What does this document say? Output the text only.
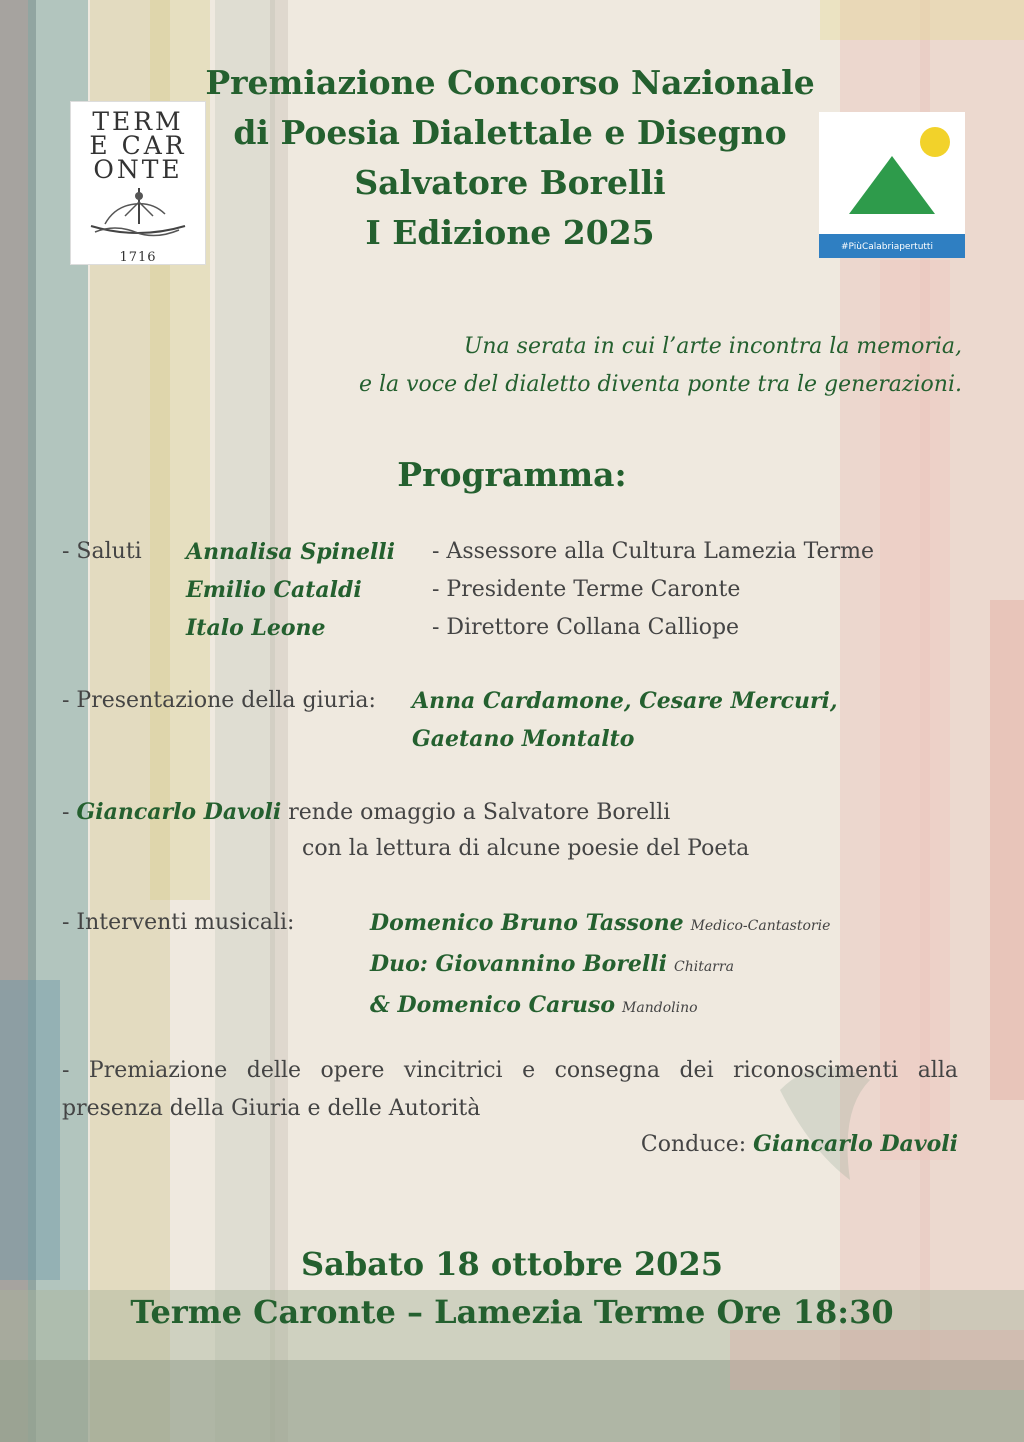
TERM
E CAR
ONTE
1716
#PiùCalabriapertutti
Premiazione Concorso Nazionale
di Poesia Dialettale e Disegno
Salvatore Borelli
I Edizione 2025
Una serata in cui l’arte incontra la memoria,
e la voce del dialetto diventa ponte tra le generazioni.
Programma:
- Saluti Annalisa Spinelli
Emilio Cataldi
Italo Leone
- Assessore alla Cultura Lamezia Terme
- Presidente Terme Caronte
- Direttore Collana Calliope
- Presentazione della giuria: Anna Cardamone, Cesare Mercuri,
Gaetano Montalto
- Giancarlo Davoli rende omaggio a Salvatore Borelli
con la lettura di alcune poesie del Poeta
- Interventi musicali:	Domenico Bruno Tassone Medico-Cantastorie
Duo: Giovannino Borelli Chitarra
& Domenico Caruso Mandolino
- Premiazione delle opere vincitrici e consegna dei riconoscimenti alla
presenza della Giuria e delle Autorità
Conduce: Giancarlo Davoli
Sabato 18 ottobre 2025
Terme Caronte – Lamezia Terme Ore 18:30
